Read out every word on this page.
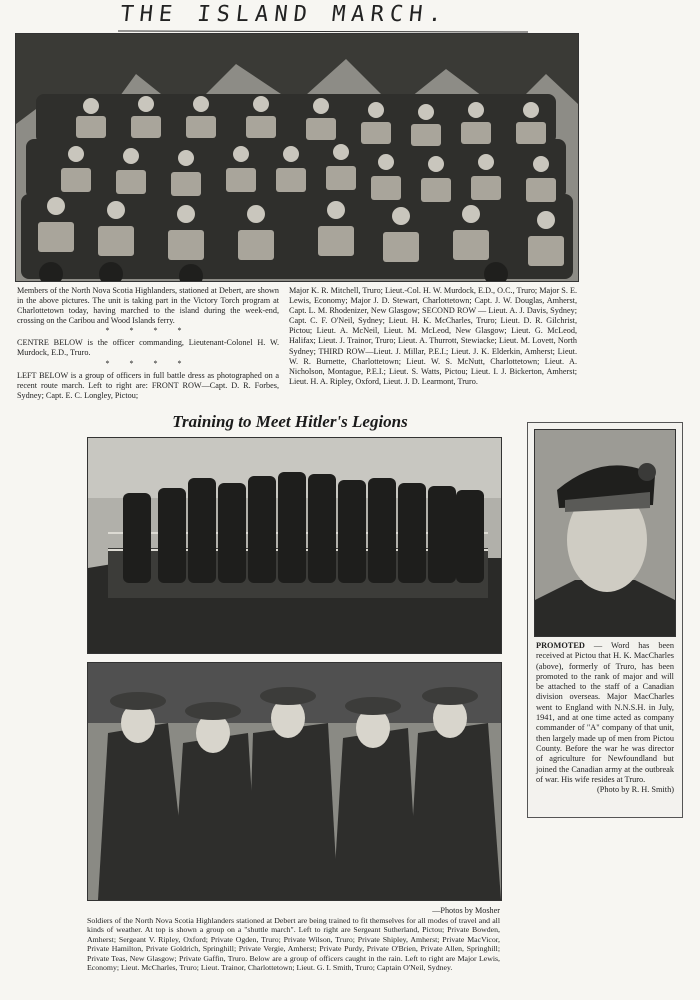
THE ISLAND MARCH.

Members of the North Nova Scotia Highlanders, stationed at Debert, are shown in the above pictures. The unit is taking part in the Victory Torch program at Charlottetown today, having marched to the island during the week-end, crossing on the Caribou and Wood Islands ferry.

* * * *

CENTRE BELOW is the officer commanding, Lieutenant-Colonel H. W. Murdock, E.D., Truro.

* * * *

LEFT BELOW is a group of officers in full battle dress as photographed on a recent route march. Left to right are: FRONT ROW—Capt. D. R. Forbes, Sydney; Capt. E. C. Longley, Pictou;

Major K. R. Mitchell, Truro; Lieut.-Col. H. W. Murdock, E.D., O.C., Truro; Major S. E. Lewis, Economy; Major J. D. Stewart, Charlottetown; Capt. J. W. Douglas, Amherst, Capt. L. M. Rhodenizer, New Glasgow; SECOND ROW — Lieut. A. J. Davis, Sydney; Capt. C. F. O'Neil, Sydney; Lieut. H. K. McCharles, Truro; Lieut. D. R. Gilchrist, Pictou; Lieut. A. McNeil, Lieut. M. McLeod, New Glasgow; Lieut. G. McLeod, Halifax; Lieut. J. Trainor, Truro; Lieut. A. Thurrott, Stewiacke; Lieut. M. Lovett, North Sydney; THIRD ROW—Lieut. J. Millar, P.E.I.; Lieut. J. K. Elderkin, Amherst; Lieut. W. R. Burnette, Charlottetown; Lieut. W. S. McNutt, Charlottetown; Lieut. A. Nicholson, Montague, P.E.I.; Lieut. S. Watts, Pictou; Lieut. I. J. Bickerton, Amherst; Lieut. H. A. Ripley, Oxford, Lieut. J. D. Learmont, Truro.

Training to Meet Hitler's Legions
—Photos by Mosher
Soldiers of the North Nova Scotia Highlanders stationed at Debert are being trained to fit themselves for all modes of travel and all kinds of weather. At top is shown a group on a "shuttle march". Left to right are Sergeant Sutherland, Pictou; Private Bowden, Amherst; Sergeant V. Ripley, Oxford; Private Ogden, Truro; Private Wilson, Truro; Private Shipley, Amherst; Private MacVicor, Private Hamilton, Private Goldrich, Springhill; Private Vergie, Amherst; Private Purdy, Private O'Brien, Private Allen, Springhill; Private Teas, New Glasgow; Private Gaffin, Truro. Below are a group of officers caught in the rain. Left to right are Major Lewis, Economy; Lieut. McCharles, Truro; Lieut. Trainor, Charlottetown; Lieut. G. I. Smith, Truro; Captain O'Neil, Sydney.
PROMOTED — Word has been received at Pictou that H. K. MacCharles (above), formerly of Truro, has been promoted to the rank of major and will be attached to the staff of a Canadian division overseas. Major MacCharles went to England with N.N.S.H. in July, 1941, and at one time acted as company commander of "A" company of that unit, then largely made up of men from Pictou County. Before the war he was director of agriculture for Newfoundland but joined the Canadian army at the outbreak of war. His wife resides at Truro.
(Photo by R. H. Smith)
